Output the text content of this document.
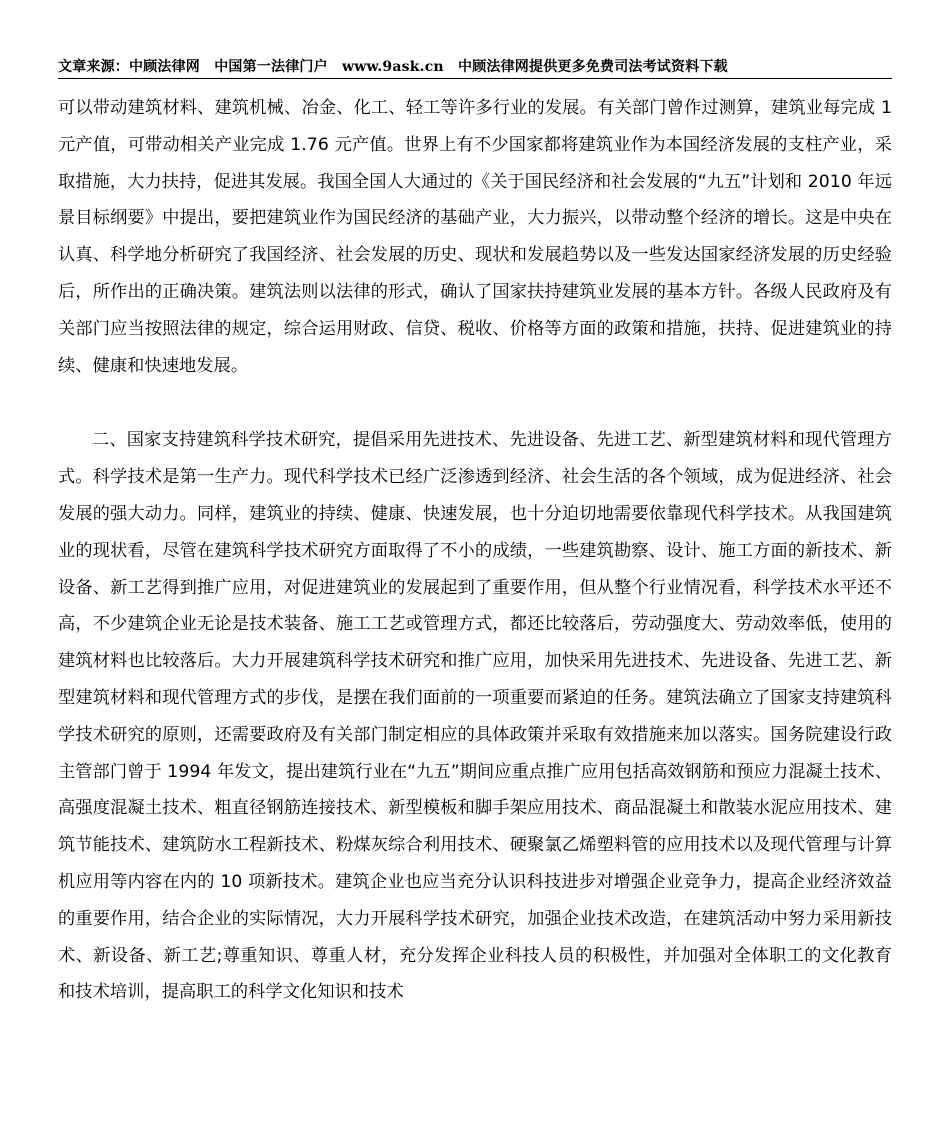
文章来源：中顾法律网　中国第一法律门户　www.9ask.cn　中顾法律网提供更多免费司法考试资料下载

可以带动建筑材料、建筑机械、冶金、化工、轻工等许多行业的发展。有关部门曾作过测算，建筑业每完成 1 元产值，可带动相关产业完成 1.76 元产值。世界上有不少国家都将建筑业作为本国经济发展的支柱产业，采取措施，大力扶持，促进其发展。我国全国人大通过的《关于国民经济和社会发展的“九五”计划和 2010 年远景目标纲要》中提出，要把建筑业作为国民经济的基础产业，大力振兴，以带动整个经济的增长。这是中央在认真、科学地分析研究了我国经济、社会发展的历史、现状和发展趋势以及一些发达国家经济发展的历史经验后，所作出的正确决策。建筑法则以法律的形式，确认了国家扶持建筑业发展的基本方针。各级人民政府及有关部门应当按照法律的规定，综合运用财政、信贷、税收、价格等方面的政策和措施，扶持、促进建筑业的持续、健康和快速地发展。

二、国家支持建筑科学技术研究，提倡采用先进技术、先进设备、先进工艺、新型建筑材料和现代管理方式。科学技术是第一生产力。现代科学技术已经广泛渗透到经济、社会生活的各个领域，成为促进经济、社会发展的强大动力。同样，建筑业的持续、健康、快速发展，也十分迫切地需要依靠现代科学技术。从我国建筑业的现状看，尽管在建筑科学技术研究方面取得了不小的成绩，一些建筑勘察、设计、施工方面的新技术、新设备、新工艺得到推广应用，对促进建筑业的发展起到了重要作用，但从整个行业情况看，科学技术水平还不高，不少建筑企业无论是技术装备、施工工艺或管理方式，都还比较落后，劳动强度大、劳动效率低，使用的建筑材料也比较落后。大力开展建筑科学技术研究和推广应用，加快采用先进技术、先进设备、先进工艺、新型建筑材料和现代管理方式的步伐，是摆在我们面前的一项重要而紧迫的任务。建筑法确立了国家支持建筑科学技术研究的原则，还需要政府及有关部门制定相应的具体政策并采取有效措施来加以落实。国务院建设行政主管部门曾于 1994 年发文，提出建筑行业在“九五”期间应重点推广应用包括高效钢筋和预应力混凝土技术、高强度混凝土技术、粗直径钢筋连接技术、新型模板和脚手架应用技术、商品混凝土和散装水泥应用技术、建筑节能技术、建筑防水工程新技术、粉煤灰综合利用技术、硬聚氯乙烯塑料管的应用技术以及现代管理与计算机应用等内容在内的 10 项新技术。建筑企业也应当充分认识科技进步对增强企业竞争力，提高企业经济效益的重要作用，结合企业的实际情况，大力开展科学技术研究，加强企业技术改造，在建筑活动中努力采用新技术、新设备、新工艺;尊重知识、尊重人材，充分发挥企业科技人员的积极性，并加强对全体职工的文化教育和技术培训，提高职工的科学文化知识和技术
